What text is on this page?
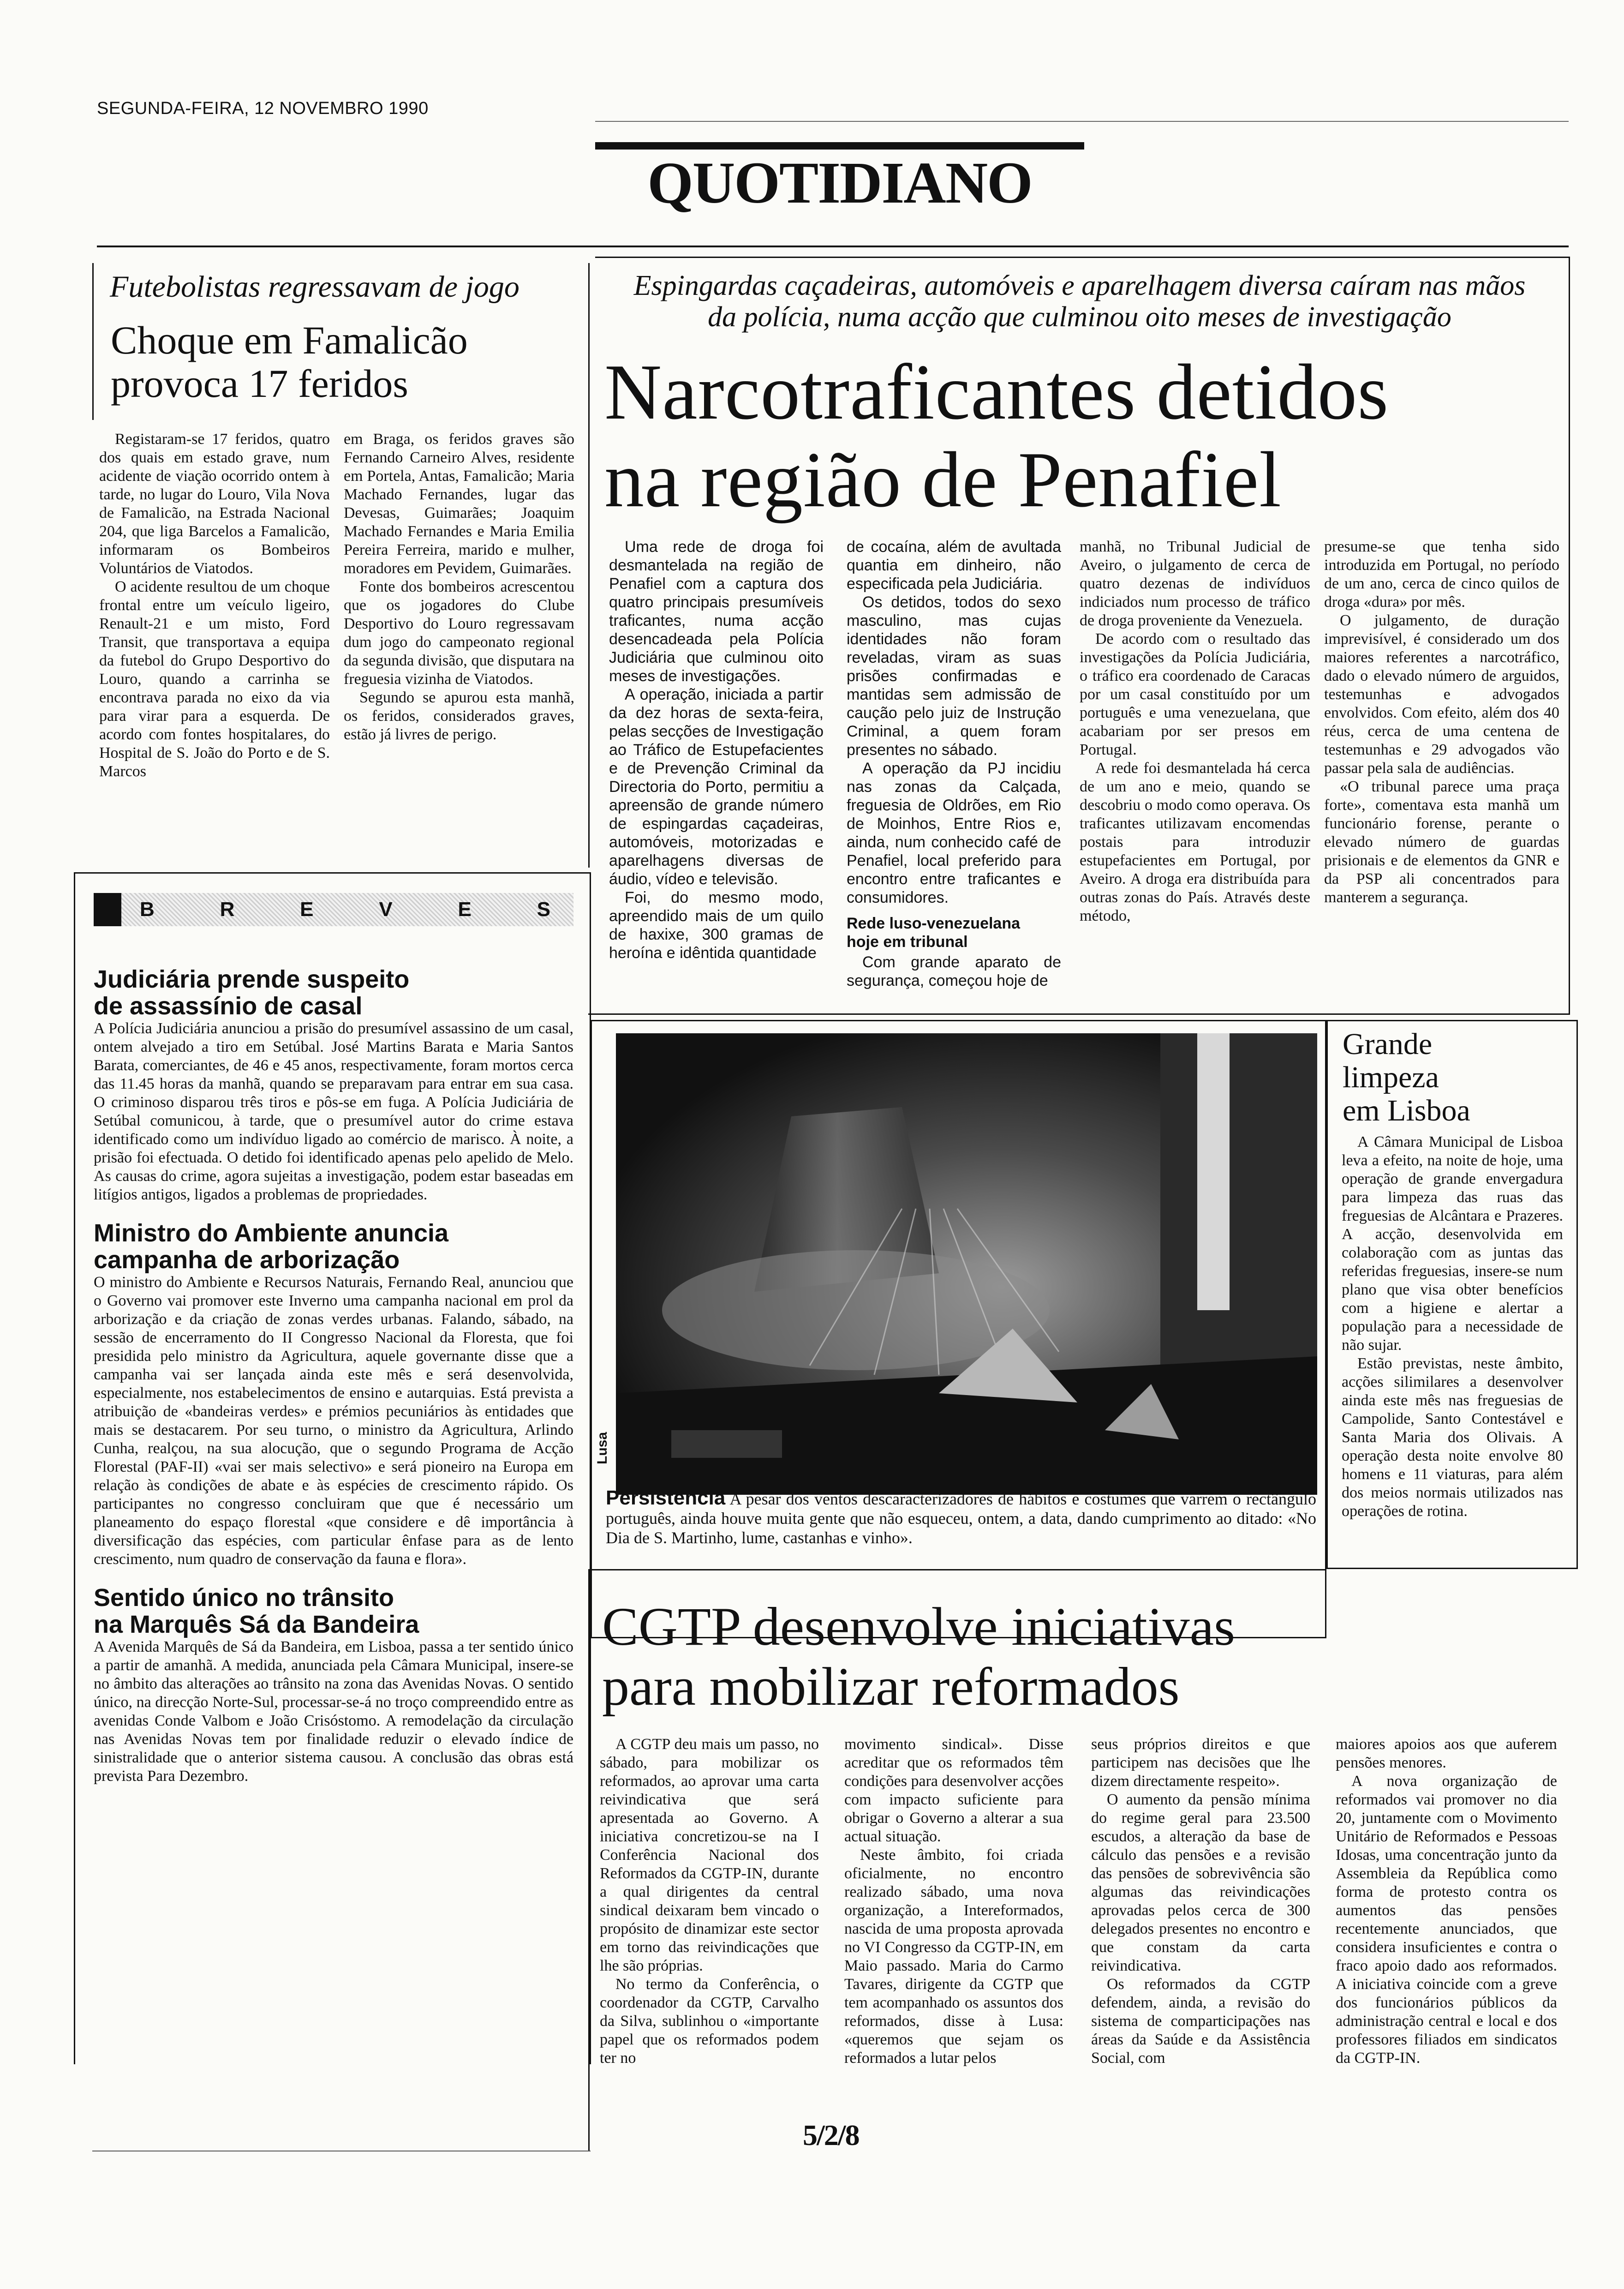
SEGUNDA-FEIRA, 12 NOVEMBRO 1990
QUOTIDIANO
Futebolistas regressavam de jogo
Choque em Famalicão
provoca 17 feridos

Registaram-se 17 feridos, quatro dos quais em estado grave, num acidente de viação ocorrido ontem à tarde, no lugar do Louro, Vila Nova de Famalicão, na Estrada Nacional 204, que liga Barcelos a Famalicão, informaram os Bombeiros Voluntários de Viatodos.

O acidente resultou de um choque frontal entre um veículo ligeiro, Renault-21 e um misto, Ford Transit, que transportava a equipa da futebol do Grupo Desportivo do Louro, quando a carrinha se encontrava parada no eixo da via para virar para a esquerda. De acordo com fontes hospitalares, do Hospital de S. João do Porto e de S. Marcos

em Braga, os feridos graves são Fernando Carneiro Alves, residente em Portela, Antas, Famalicão; Maria Machado Fernandes, lugar das Devesas, Guimarães; Joaquim Machado Fernandes e Maria Emilia Pereira Ferreira, marido e mulher, moradores em Pevidem, Guimarães.

Fonte dos bombeiros acrescentou que os jogadores do Clube Desportivo do Louro regressavam dum jogo do campeonato regional da segunda divisão, que disputara na freguesia vizinha de Viatodos.

Segundo se apurou esta manhã, os feridos, considerados graves, estão já livres de perigo.

B	R	E	V	E	S
Judiciária prende suspeito
de assassínio de casal

A Polícia Judiciária anunciou a prisão do presumível assassino de um casal, ontem alvejado a tiro em Setúbal. José Martins Barata e Maria Santos Barata, comerciantes, de 46 e 45 anos, respectivamente, foram mortos cerca das 11.45 horas da manhã, quando se preparavam para entrar em sua casa. O criminoso disparou três tiros e pôs-se em fuga. A Polícia Judiciária de Setúbal comunicou, à tarde, que o presumível autor do crime estava identificado como um indivíduo ligado ao comércio de marisco. À noite, a prisão foi efectuada. O detido foi identificado apenas pelo apelido de Melo. As causas do crime, agora sujeitas a investigação, podem estar baseadas em litígios antigos, ligados a problemas de propriedades.

Ministro do Ambiente anuncia
campanha de arborização

O ministro do Ambiente e Recursos Naturais, Fernando Real, anunciou que o Governo vai promover este Inverno uma campanha nacional em prol da arborização e da criação de zonas verdes urbanas. Falando, sábado, na sessão de encerramento do II Congresso Nacional da Floresta, que foi presidida pelo ministro da Agricultura, aquele governante disse que a campanha vai ser lançada ainda este mês e será desenvolvida, especialmente, nos estabelecimentos de ensino e autarquias. Está prevista a atribuição de «bandeiras verdes» e prémios pecuniários às entidades que mais se destacarem. Por seu turno, o ministro da Agricultura, Arlindo Cunha, realçou, na sua alocução, que o segundo Programa de Acção Florestal (PAF-II) «vai ser mais selectivo» e será pioneiro na Europa em relação às condições de abate e às espécies de crescimento rápido. Os participantes no congresso concluiram que que é necessário um planeamento do espaço florestal «que considere e dê importância à diversificação das espécies, com particular ênfase para as de lento crescimento, num quadro de conservação da fauna e flora».

Sentido único no trânsito
na Marquês Sá da Bandeira

A Avenida Marquês de Sá da Bandeira, em Lisboa, passa a ter sentido único a partir de amanhã. A medida, anunciada pela Câmara Municipal, insere-se no âmbito das alterações ao trânsito na zona das Avenidas Novas. O sentido único, na direcção Norte-Sul, processar-se-á no troço compreendido entre as avenidas Conde Valbom e João Crisóstomo. A remodelação da circulação nas Avenidas Novas tem por finalidade reduzir o elevado índice de sinistralidade que o anterior sistema causou. A conclusão das obras está prevista Para Dezembro.

Espingardas caçadeiras, automóveis e aparelhagem diversa caíram nas mãos
da polícia, numa acção que culminou oito meses de investigação
Narcotraficantes detidos
na região de Penafiel

Uma rede de droga foi desmantelada na região de Penafiel com a captura dos quatro principais presumíveis traficantes, numa acção desencadeada pela Polícia Judiciária que culminou oito meses de investigações.

A operação, iniciada a partir da dez horas de sexta-feira, pelas secções de Investigação ao Tráfico de Estupefacientes e de Prevenção Criminal da Directoria do Porto, permitiu a apreensão de grande número de espingardas caçadeiras, automóveis, motorizadas e aparelhagens diversas de áudio, vídeo e televisão.

Foi, do mesmo modo, apreendido mais de um quilo de haxixe, 300 gramas de heroína e idêntida quantidade

de cocaína, além de avultada quantia em dinheiro, não especificada pela Judiciária.

Os detidos, todos do sexo masculino, mas cujas identidades não foram reveladas, viram as suas prisões confirmadas e mantidas sem admissão de caução pelo juiz de Instrução Criminal, a quem foram presentes no sábado.

A operação da PJ incidiu nas zonas da Calçada, freguesia de Oldrões, em Rio de Moinhos, Entre Rios e, ainda, num conhecido café de Penafiel, local preferido para encontro entre traficantes e consumidores.

Rede luso-venezuelana
hoje em tribunal

Com grande aparato de segurança, começou hoje de

manhã, no Tribunal Judicial de Aveiro, o julgamento de cerca de quatro dezenas de indivíduos indiciados num processo de tráfico de droga proveniente da Venezuela.

De acordo com o resultado das investigações da Polícia Judiciária, o tráfico era coordenado de Caracas por um casal constituído por um português e uma venezuelana, que acabariam por ser presos em Portugal.

A rede foi desmantelada há cerca de um ano e meio, quando se descobriu o modo como operava. Os traficantes utilizavam encomendas postais para introduzir estupefacientes em Portugal, por Aveiro. A droga era distribuída para outras zonas do País. Através deste método,

presume-se que tenha sido introduzida em Portugal, no período de um ano, cerca de cinco quilos de droga «dura» por mês.

O julgamento, de duração imprevisível, é considerado um dos maiores referentes a narcotráfico, dado o elevado número de arguidos, testemunhas e advogados envolvidos. Com efeito, além dos 40 réus, cerca de uma centena de testemunhas e 29 advogados vão passar pela sala de audiências.

«O tribunal parece uma praça forte», comentava esta manhã um funcionário forense, perante o elevado número de guardas prisionais e de elementos da GNR e da PSP ali concentrados para manterem a segurança.

Lusa
Persistência A pesar dos ventos descaracterizadores de hábitos e costumes que varrem o rectângulo português, ainda houve muita gente que não esqueceu, ontem, a data, dando cumprimento ao ditado: «No Dia de S. Martinho, lume, castanhas e vinho».
Grande
limpeza
em Lisboa

A Câmara Municipal de Lisboa leva a efeito, na noite de hoje, uma operação de grande envergadura para limpeza das ruas das freguesias de Alcântara e Prazeres. A acção, desenvolvida em colaboração com as juntas das referidas freguesias, insere-se num plano que visa obter benefícios com a higiene e alertar a população para a necessidade de não sujar.

Estão previstas, neste âmbito, acções silimilares a desenvolver ainda este mês nas freguesias de Campolide, Santo Contestável e Santa Maria dos Olivais. A operação desta noite envolve 80 homens e 11 viaturas, para além dos meios normais utilizados nas operações de rotina.

CGTP desenvolve iniciativas
para mobilizar reformados

A CGTP deu mais um passo, no sábado, para mobilizar os reformados, ao aprovar uma carta reivindicativa que será apresentada ao Governo. A iniciativa concretizou-se na I Conferência Nacional dos Reformados da CGTP-IN, durante a qual dirigentes da central sindical deixaram bem vincado o propósito de dinamizar este sector em torno das reivindicações que lhe são próprias.

No termo da Conferência, o coordenador da CGTP, Carvalho da Silva, sublinhou o «importante papel que os reformados podem ter no

movimento sindical». Disse acreditar que os reformados têm condições para desenvolver acções com impacto suficiente para obrigar o Governo a alterar a sua actual situação.

Neste âmbito, foi criada oficialmente, no encontro realizado sábado, uma nova organização, a Intereformados, nascida de uma proposta aprovada no VI Congresso da CGTP-IN, em Maio passado. Maria do Carmo Tavares, dirigente da CGTP que tem acompanhado os assuntos dos reformados, disse à Lusa: «queremos que sejam os reformados a lutar pelos

seus próprios direitos e que participem nas decisões que lhe dizem directamente respeito».

O aumento da pensão mínima do regime geral para 23.500 escudos, a alteração da base de cálculo das pensões e a revisão das pensões de sobrevivência são algumas das reivindicações aprovadas pelos cerca de 300 delegados presentes no encontro e que constam da carta reivindicativa.

Os reformados da CGTP defendem, ainda, a revisão do sistema de comparticipações nas áreas da Saúde e da Assistência Social, com

maiores apoios aos que auferem pensões menores.

A nova organização de reformados vai promover no dia 20, juntamente com o Movimento Unitário de Reformados e Pessoas Idosas, uma concentração junto da Assembleia da República como forma de protesto contra os aumentos das pensões recentemente anunciados, que considera insuficientes e contra o fraco apoio dado aos reformados. A iniciativa coincide com a greve dos funcionários públicos da administração central e local e dos professores filiados em sindicatos da CGTP-IN.

5/2/8
